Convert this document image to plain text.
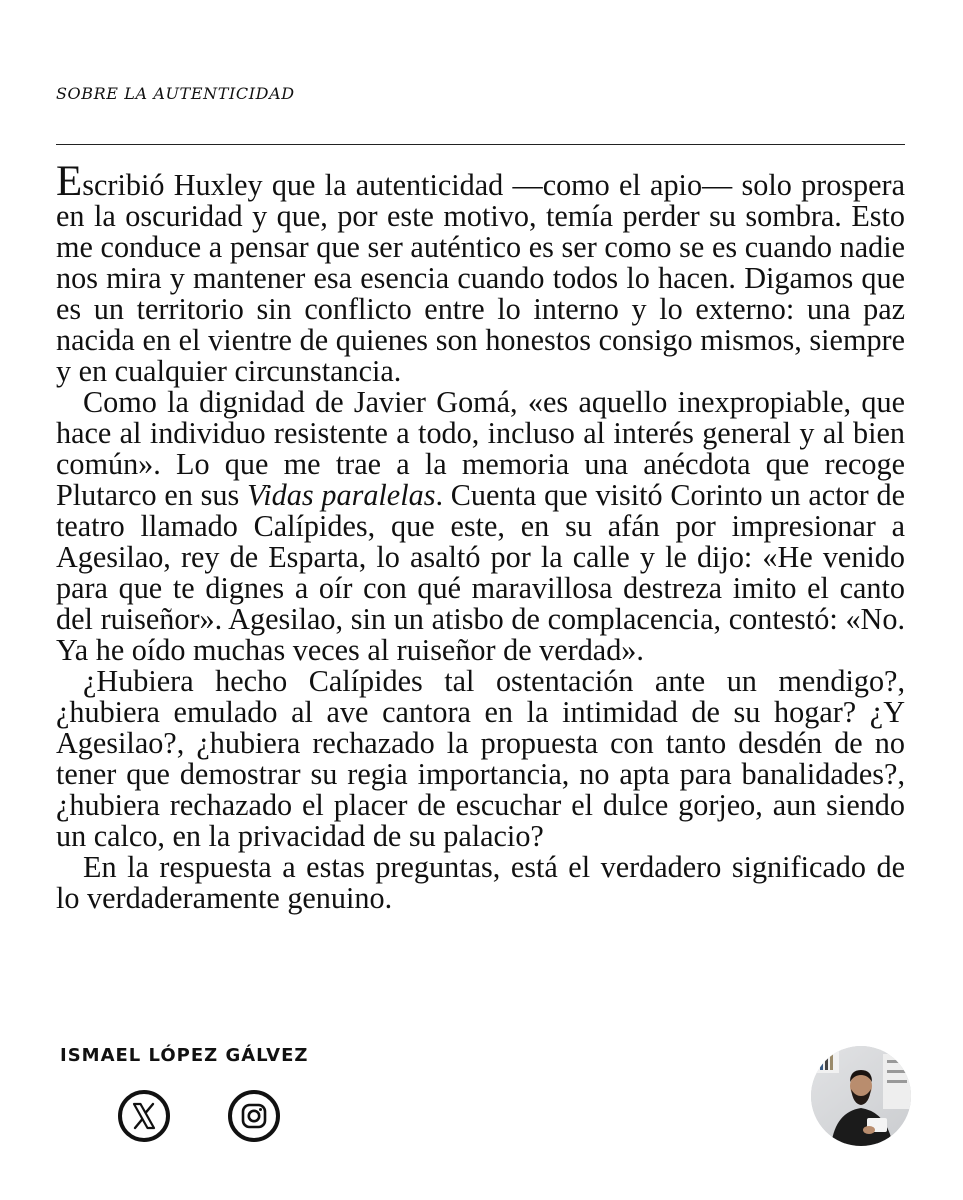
SOBRE LA AUTENTICIDAD

Escribió Huxley que la autenticidad —como el apio— solo prospera en la oscuridad y que, por este motivo, temía perder su sombra. Esto me conduce a pensar que ser auténtico es ser como se es cuando nadie nos mira y mantener esa esencia cuando todos lo hacen. Digamos que es un territorio sin conflicto entre lo interno y lo externo: una paz nacida en el vientre de quienes son honestos consigo mismos, siempre y en cualquier circunstancia.

Como la dignidad de Javier Gomá, «es aquello inexpropiable, que hace al individuo resistente a todo, incluso al interés general y al bien común». Lo que me trae a la memoria una anécdota que recoge Plutarco en sus Vidas paralelas. Cuenta que visitó Corinto un actor de teatro llamado Calípides, que este, en su afán por impresionar a Agesilao, rey de Esparta, lo asaltó por la calle y le dijo: «He venido para que te dignes a oír con qué maravillosa destreza imito el canto del ruiseñor». Agesilao, sin un atisbo de complacencia, contestó: «No. Ya he oído muchas veces al ruiseñor de verdad».

¿Hubiera hecho Calípides tal ostentación ante un mendigo?, ¿hubiera emulado al ave cantora en la intimidad de su hogar? ¿Y Agesilao?, ¿hubiera rechazado la propuesta con tanto desdén de no tener que demostrar su regia importancia, no apta para banalidades?, ¿hubiera rechazado el placer de escuchar el dulce gorjeo, aun siendo un calco, en la privacidad de su palacio?

En la respuesta a estas preguntas, está el verdadero significado de lo verdaderamente genuino.

ISMAEL LÓPEZ GÁLVEZ
